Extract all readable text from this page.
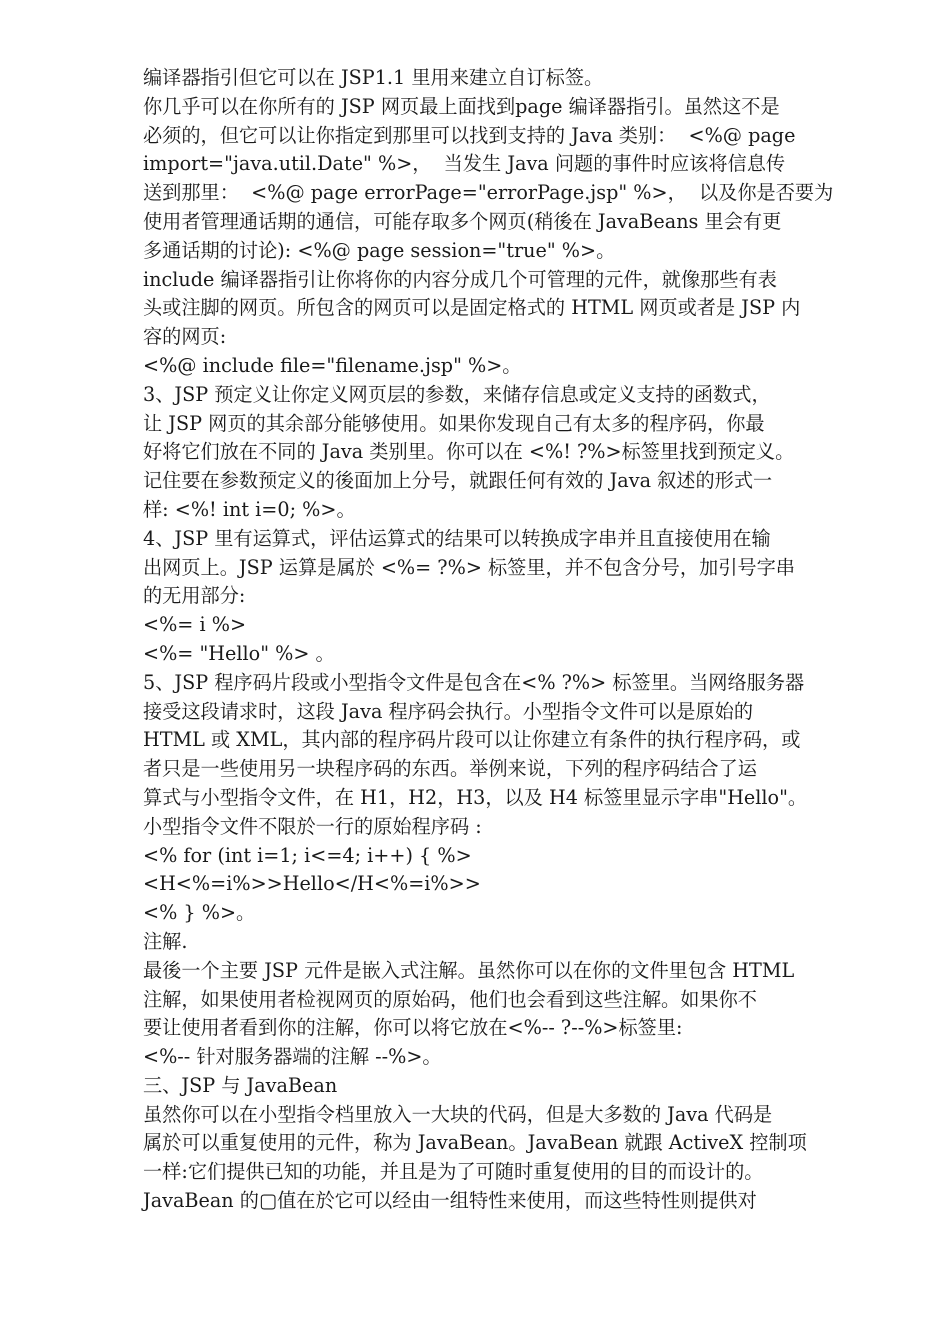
编译器指引但它可以在 JSP1.1 里用来建立自订标签。
你几乎可以在你所有的 JSP 网页最上面找到page 编译器指引。虽然这不是
必须的，但它可以让你指定到那里可以找到支持的 Java 类别：  <%@ page
import="java.util.Date" %>，  当发生 Java 问题的事件时应该将信息传
送到那里：  <%@ page errorPage="errorPage.jsp" %>，  以及你是否要为
使用者管理通话期的通信，可能存取多个网页(稍後在 JavaBeans 里会有更
多通话期的讨论): <%@ page session="true" %>。
include 编译器指引让你将你的内容分成几个可管理的元件，就像那些有表
头或注脚的网页。所包含的网页可以是固定格式的 HTML 网页或者是 JSP 内
容的网页:
<%@ include file="filename.jsp" %>。
3、JSP 预定义让你定义网页层的参数，来储存信息或定义支持的函数式，
让 JSP 网页的其余部分能够使用。如果你发现自己有太多的程序码，你最
好将它们放在不同的 Java 类别里。你可以在 <%! ?%>标签里找到预定义。
记住要在参数预定义的後面加上分号，就跟任何有效的 Java 叙述的形式一
样: <%! int i=0; %>。
4、JSP 里有运算式，评估运算式的结果可以转换成字串并且直接使用在输
出网页上。JSP 运算是属於 <%= ?%> 标签里，并不包含分号，加引号字串
的无用部分:
<%= i %>
<%= "Hello" %> 。
5、JSP 程序码片段或小型指令文件是包含在<% ?%> 标签里。当网络服务器
接受这段请求时，这段 Java 程序码会执行。小型指令文件可以是原始的
HTML 或 XML，其内部的程序码片段可以让你建立有条件的执行程序码，或
者只是一些使用另一块程序码的东西。举例来说，下列的程序码结合了运
算式与小型指令文件，在 H1，H2，H3，以及 H4 标签里显示字串"Hello"。
小型指令文件不限於一行的原始程序码 :
<% for (int i=1; i<=4; i++) { %>
<H<%=i%>>Hello</H<%=i%>>
<% } %>。
注解.
最後一个主要 JSP 元件是嵌入式注解。虽然你可以在你的文件里包含 HTML
注解，如果使用者检视网页的原始码，他们也会看到这些注解。如果你不
要让使用者看到你的注解，你可以将它放在<%-- ?--%>标签里:
<%-- 针对服务器端的注解 --%>。
三、JSP 与 JavaBean
虽然你可以在小型指令档里放入一大块的代码，但是大多数的 Java 代码是
属於可以重复使用的元件，称为 JavaBean。JavaBean 就跟 ActiveX 控制项
一样:它们提供已知的功能，并且是为了可随时重复使用的目的而设计的。
JavaBean 的▢值在於它可以经由一组特性来使用，而这些特性则提供对
